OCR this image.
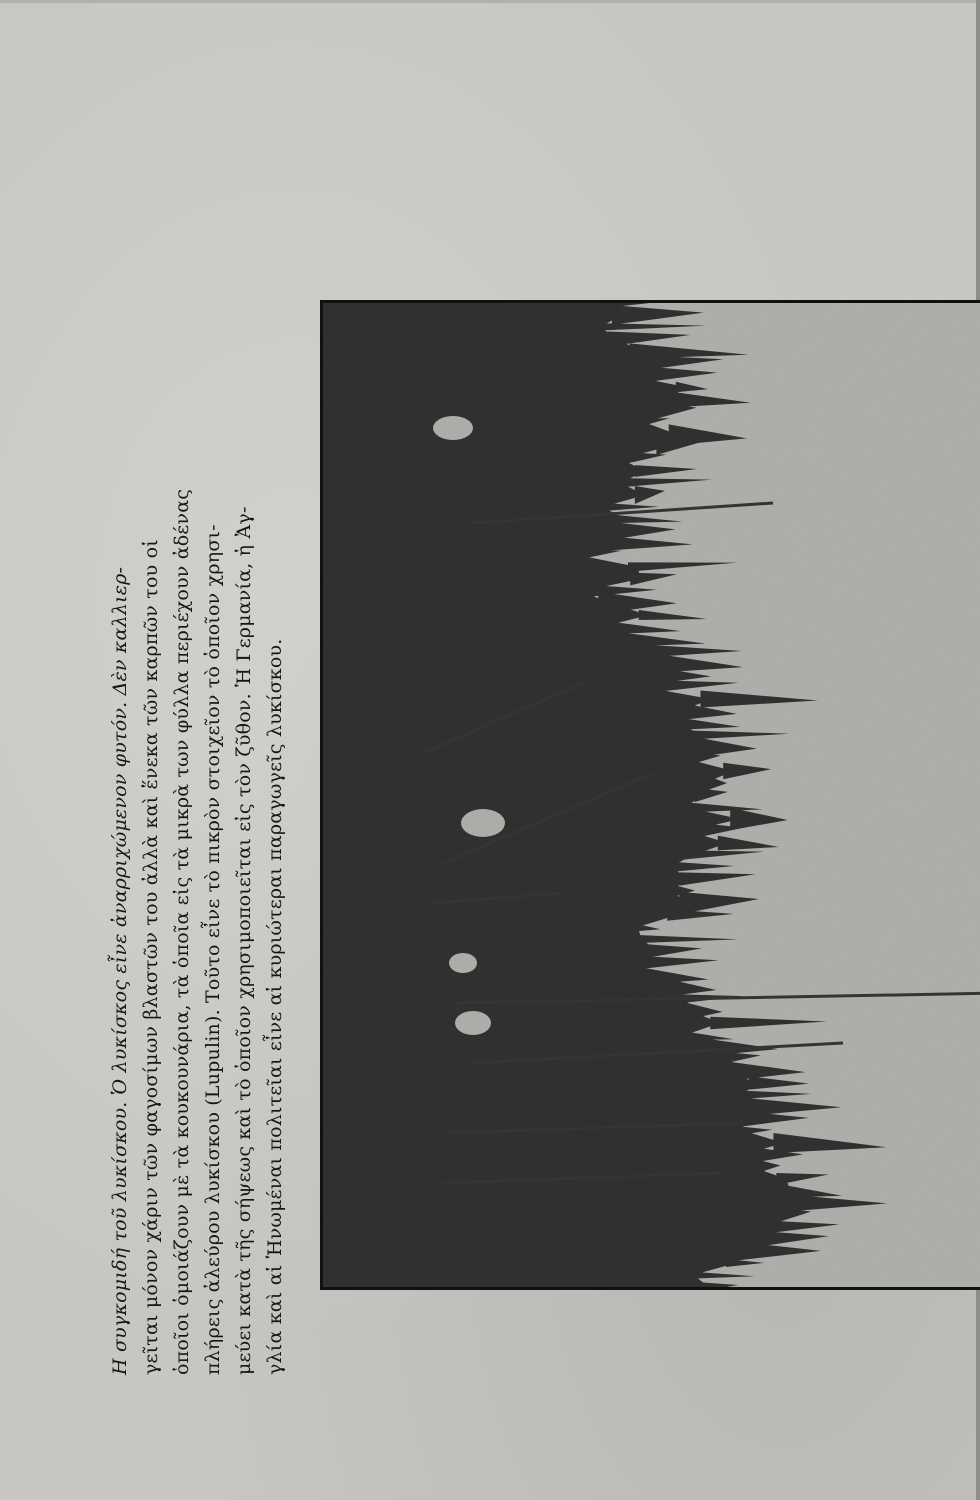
Η συγκομιδή τοῦ λυκίσκου. Ὁ λυκίσκος εἶνε ἀναρριχώμενον φυτόν. Δὲν καλλιερ- γεῖται μόνον χάριν τῶν φαγοσίμων βλαστῶν του ἀλλὰ καὶ ἕνεκα τῶν καρπῶν του οἱ ὁποῖοι ὁμοιάζουν μὲ τὰ κουκουνάρια, τὰ ὁποῖα εἰς τὰ μικρὰ των φύλλα περιέχουν ἀδένας πλήρεις ἀλεύρου λυκίσκου (Lupulin). Τοῦτο εἶνε τὸ πικρὸν στοιχεῖον τὸ ὁποῖον χρησι- μεύει κατὰ τῆς σήψεως καὶ τὸ ὁποῖον χρησιμοποιεῖται εἰς τὸν ζῦθον. Ἡ Γερμανία, ἡ Ἀγ- γλία καὶ αἱ Ἡνωμέναι πολιτεῖαι εἶνε αἱ κυριώτεραι παραγωγεῖς λυκίσκου.
